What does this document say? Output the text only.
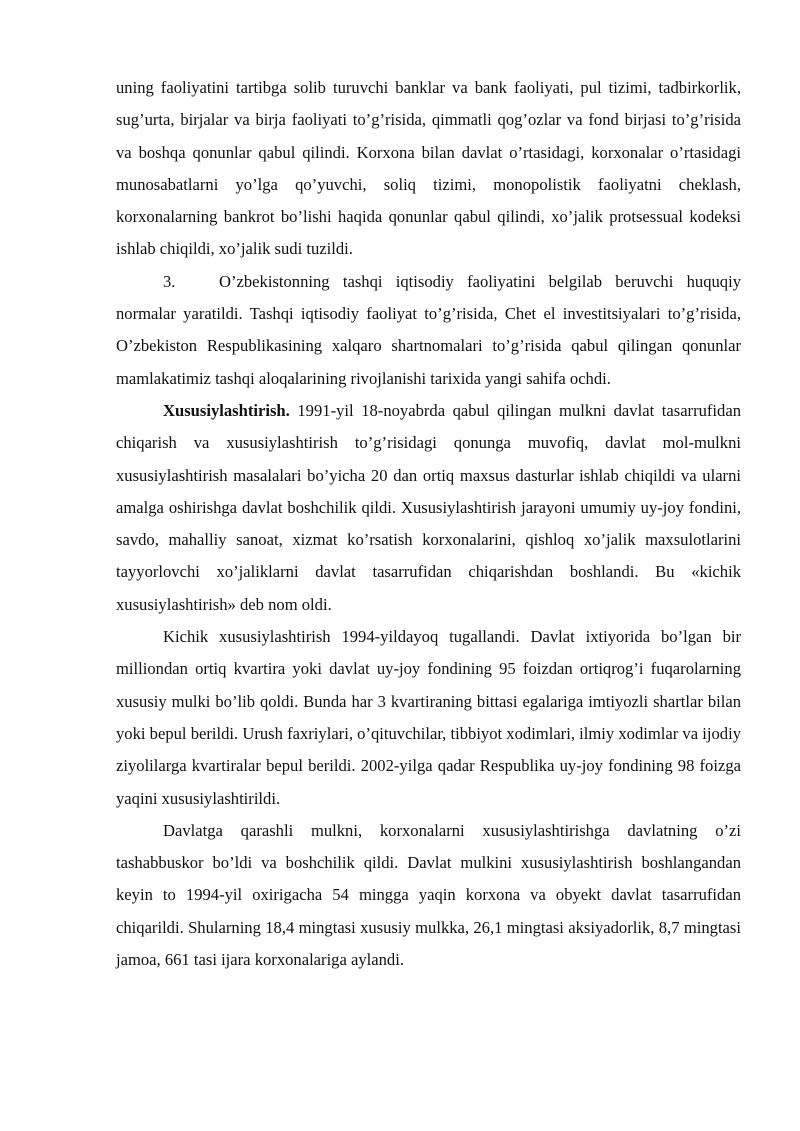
uning faoliyatini tartibga solib turuvchi banklar va bank faoliyati, pul tizimi, tadbirkorlik, sug’urta, birjalar va birja faoliyati to’g’risida, qimmatli qog’ozlar va fond birjasi to’g’risida va boshqa qonunlar qabul qilindi. Korxona bilan davlat o’rtasidagi, korxonalar o’rtasidagi munosabatlarni yo’lga qo’yuvchi, soliq tizimi, monopolistik faoliyatni cheklash, korxonalarning bankrot bo’lishi haqida qonunlar qabul qilindi, xo’jalik protsessual kodeksi ishlab chiqildi, xo’jalik sudi tuzildi.

3.	O’zbekistonning tashqi iqtisodiy faoliyatini belgilab beruvchi huquqiy normalar yaratildi. Tashqi iqtisodiy faoliyat to’g’risida, Chet el investitsiyalari to’g’risida, O’zbekiston Respublikasining xalqaro shartnomalari to’g’risida qabul qilingan qonunlar mamlakatimiz tashqi aloqalarining rivojlanishi tarixida yangi sahifa ochdi.

Xususiylashtirish. 1991-yil 18-noyabrda qabul qilingan mulkni davlat tasarrufidan chiqarish va xususiylashtirish to’g’risidagi qonunga muvofiq, davlat mol-mulkni xususiylashtirish masalalari bo’yicha 20 dan ortiq maxsus dasturlar ishlab chiqildi va ularni amalga oshirishga davlat boshchilik qildi. Xususiylashtirish jarayoni umumiy uy-joy fondini, savdo, mahalliy sanoat, xizmat ko’rsatish korxonalarini, qishloq xo’jalik maxsulotlarini tayyorlovchi xo’jaliklarni davlat tasarrufidan chiqarishdan boshlandi. Bu «kichik xususiylashtirish» deb nom oldi.

Kichik xususiylashtirish 1994-yildayoq tugallandi. Davlat ixtiyorida bo’lgan bir milliondan ortiq kvartira yoki davlat uy-joy fondining 95 foizdan ortiqrog’i fuqarolarning xususiy mulki bo’lib qoldi. Bunda har 3 kvartiraning bittasi egalariga imtiyozli shartlar bilan yoki bepul berildi. Urush faxriylari, o’qituvchilar, tibbiyot xodimlari, ilmiy xodimlar va ijodiy ziyolilarga kvartiralar bepul berildi. 2002-yilga qadar Respublika uy-joy fondining 98 foizga yaqini xususiylashtirildi.

Davlatga qarashli mulkni, korxonalarni xususiylashtirishga davlatning o’zi tashabbuskor bo’ldi va boshchilik qildi. Davlat mulkini xususiylashtirish boshlangandan keyin to 1994-yil oxirigacha 54 mingga yaqin korxona va obyekt davlat tasarrufidan chiqarildi. Shularning 18,4 mingtasi xususiy mulkka, 26,1 mingtasi aksiyadorlik, 8,7 mingtasi jamoa, 661 tasi ijara korxonalariga aylandi.
